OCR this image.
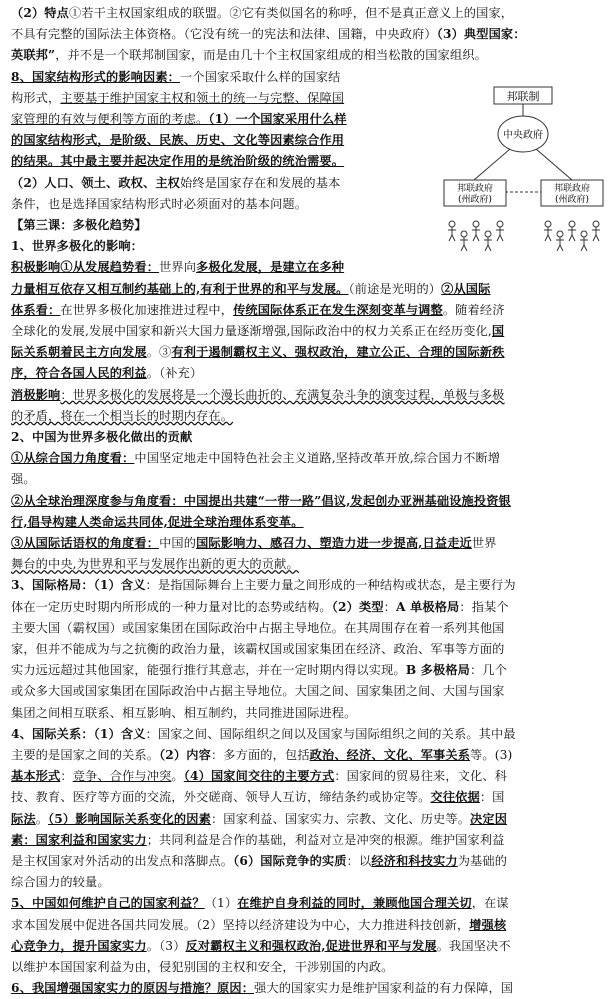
（2）特点①若干主权国家组成的联盟。②它有类似国名的称呼，但不是真正意义上的国家，
不具有完整的国际法主体资格。（它没有统一的宪法和法律、国籍，中央政府）（3）典型国家：
英联邦”，并不是一个联邦制国家，而是由几十个主权国家组成的相当松散的国家组织。
8、国家结构形式的影响因素：一个国家采取什么样的国家结
构形式，主要基于维护国家主权和领土的统一与完整、保障国
家管理的有效与便利等方面的考虑。（1）一个国家采用什么样
的国家结构形式，是阶级、民族、历史、文化等因素综合作用
的结果。其中最主要并起决定作用的是统治阶级的统治需要。
（2）人口、领土、政权、主权始终是国家存在和发展的基本
条件，也是选择国家结构形式时必须面对的基本问题。
【第三课：多极化趋势】
1、世界多极化的影响：
积极影响①从发展趋势看：世界向多极化发展，是建立在多种
力量相互依存又相互制约基础上的,有利于世界的和平与发展。（前途是光明的）②从国际
体系看：在世界多极化加速推进过程中，传统国际体系正在发生深刻变革与调整。随着经济
全球化的发展,发展中国家和新兴大国力量逐渐增强,国际政治中的权力关系正在经历变化,国
际关系朝着民主方向发展。③有利于遏制霸权主义、强权政治，建立公正、合理的国际新秩
序，符合各国人民的利益。（补充）
消极影响：世界多极化的发展将是一个漫长曲折的、充满复杂斗争的演变过程，单极与多极
的矛盾，将在一个相当长的时期内存在。
2、中国为世界多极化做出的贡献
①从综合国力角度看：中国坚定地走中国特色社会主义道路,坚持改革开放,综合国力不断增
强。
②从全球治理深度参与角度看：中国提出共建“一带一路”倡议,发起创办亚洲基础设施投资银
行,倡导构建人类命运共同体,促进全球治理体系变革。
③从国际话语权的角度看：中国的国际影响力、感召力、塑造力进一步提高,日益走近世界
舞台的中央,为世界和平与发展作出新的更大的贡献。
3、国际格局：（1）含义：是指国际舞台上主要力量之间形成的一种结构或状态，是主要行为
体在一定历史时期内所形成的一种力量对比的态势或结构。（2）类型：A 单极格局：指某个
主要大国（霸权国）或国家集团在国际政治中占据主导地位。在其周围存在着一系列其他国
家，但并不能成为与之抗衡的政治力量，该霸权国或国家集团在经济、政治、军事等方面的
实力远远超过其他国家，能强行推行其意志，并在一定时期内得以实现。B 多极格局：几个
或众多大国或国家集团在国际政治中占据主导地位。大国之间、国家集团之间、大国与国家
集团之间相互联系、相互影响、相互制约，共同推进国际进程。
4、国际关系：（1）含义：国家之间、国际组织之间以及国家与国际组织之间的关系。其中最
主要的是国家之间的关系。（2）内容：多方面的，包括政治、经济、文化、军事关系等。(3)
基本形式：竞争、合作与冲突。（4）国家间交往的主要方式：国家间的贸易往来，文化、科
技、教育、医疗等方面的交流，外交磋商、领导人互访，缔结条约或协定等。交往依据：国
际法。（5）影响国际关系变化的因素：国家利益、国家实力、宗教、文化、历史等。决定因
素：国家利益和国家实力；共同利益是合作的基础，利益对立是冲突的根源。维护国家利益
是主权国家对外活动的出发点和落脚点。（6）国际竞争的实质：以经济和科技实力为基础的
综合国力的较量。
5、中国如何维护自己的国家利益？（1）在维护自身利益的同时，兼顾他国合理关切，在谋
求本国发展中促进各国共同发展。（2）坚持以经济建设为中心，大力推进科技创新，增强核
心竞争力，提升国家实力。（3）反对霸权主义和强权政治,促进世界和平与发展。我国坚决不
以维护本国国家利益为由，侵犯别国的主权和安全，干涉别国的内政。
6、我国增强国家实力的原因与措施？原因：强大的国家实力是维护国家利益的有力保障，国
邦联制
中央政府
邦联政府
(州政府)
邦联政府
(州政府)
